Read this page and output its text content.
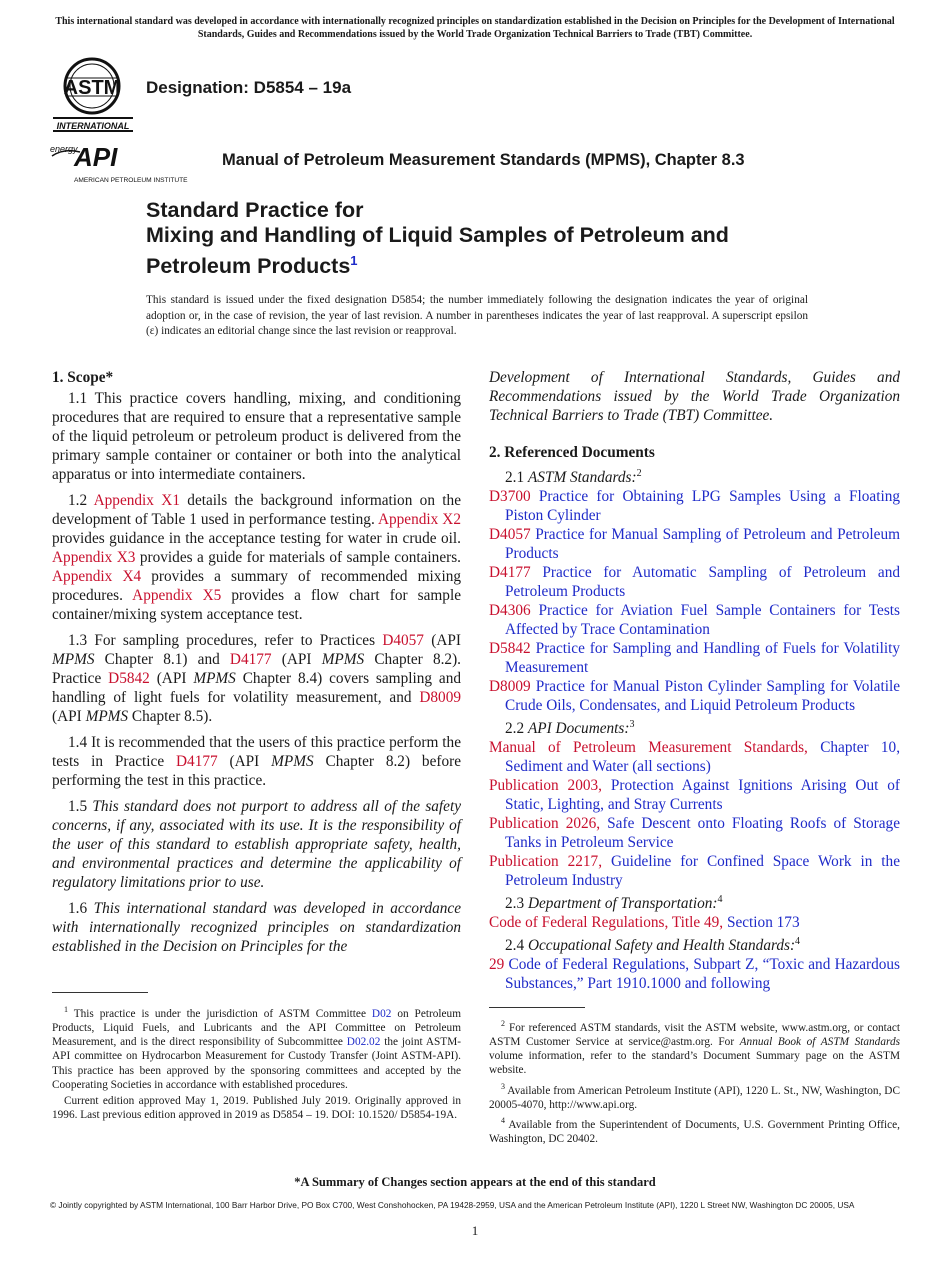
This international standard was developed in accordance with internationally recognized principles on standardization established in the Decision on Principles for the Development of International Standards, Guides and Recommendations issued by the World Trade Organization Technical Barriers to Trade (TBT) Committee.
ASTM
INTERNATIONAL
Designation: D5854 – 19a
energy
API
AMERICAN PETROLEUM INSTITUTE
Manual of Petroleum Measurement Standards (MPMS), Chapter 8.3
Standard Practice for
Mixing and Handling of Liquid Samples of Petroleum and
Petroleum Products$^1$
This standard is issued under the fixed designation D5854; the number immediately following the designation indicates the year of original adoption or, in the case of revision, the year of last revision. A number in parentheses indicates the year of last reapproval. A superscript epsilon (ε) indicates an editorial change since the last revision or reapproval.
1. Scope*

1.1 This practice covers handling, mixing, and conditioning procedures that are required to ensure that a representative sample of the liquid petroleum or petroleum product is delivered from the primary sample container or container or both into the analytical apparatus or into intermediate containers.

1.2 Appendix X1 details the background information on the development of Table 1 used in performance testing. Appendix X2 provides guidance in the acceptance testing for water in crude oil. Appendix X3 provides a guide for materials of sample containers. Appendix X4 provides a summary of recommended mixing procedures. Appendix X5 provides a flow chart for sample container/mixing system acceptance test.

1.3 For sampling procedures, refer to Practices D4057 (API MPMS Chapter 8.1) and D4177 (API MPMS Chapter 8.2). Practice D5842 (API MPMS Chapter 8.4) covers sampling and handling of light fuels for volatility measurement, and D8009 (API MPMS Chapter 8.5).

1.4 It is recommended that the users of this practice perform the tests in Practice D4177 (API MPMS Chapter 8.2) before performing the test in this practice.

1.5 This standard does not purport to address all of the safety concerns, if any, associated with its use. It is the responsibility of the user of this standard to establish appropriate safety, health, and environmental practices and determine the applicability of regulatory limitations prior to use.

1.6 This international standard was developed in accordance with internationally recognized principles on standardization established in the Decision on Principles for the

$^1$ This practice is under the jurisdiction of ASTM Committee D02 on Petroleum Products, Liquid Fuels, and Lubricants and the API Committee on Petroleum Measurement, and is the direct responsibility of Subcommittee D02.02 the joint ASTM-API committee on Hydrocarbon Measurement for Custody Transfer (Joint ASTM-API). This practice has been approved by the sponsoring committees and accepted by the Cooperating Societies in accordance with established procedures.

Current edition approved May 1, 2019. Published July 2019. Originally approved in 1996. Last previous edition approved in 2019 as D5854 – 19. DOI: 10.1520/ D5854-19A.

Development of International Standards, Guides and Recommendations issued by the World Trade Organization Technical Barriers to Trade (TBT) Committee.

2. Referenced Documents

2.1 ASTM Standards:$^2$

D3700 Practice for Obtaining LPG Samples Using a Floating Piston Cylinder

D4057 Practice for Manual Sampling of Petroleum and Petroleum Products

D4177 Practice for Automatic Sampling of Petroleum and Petroleum Products

D4306 Practice for Aviation Fuel Sample Containers for Tests Affected by Trace Contamination

D5842 Practice for Sampling and Handling of Fuels for Volatility Measurement

D8009 Practice for Manual Piston Cylinder Sampling for Volatile Crude Oils, Condensates, and Liquid Petroleum Products

2.2 API Documents:$^3$

Manual of Petroleum Measurement Standards, Chapter 10, Sediment and Water (all sections)

Publication 2003, Protection Against Ignitions Arising Out of Static, Lighting, and Stray Currents

Publication 2026, Safe Descent onto Floating Roofs of Storage Tanks in Petroleum Service

Publication 2217, Guideline for Confined Space Work in the Petroleum Industry

2.3 Department of Transportation:$^4$

Code of Federal Regulations, Title 49, Section 173

2.4 Occupational Safety and Health Standards:$^4$

29 Code of Federal Regulations, Subpart Z, “Toxic and Hazardous Substances,” Part 1910.1000 and following

$^2$ For referenced ASTM standards, visit the ASTM website, www.astm.org, or contact ASTM Customer Service at service@astm.org. For Annual Book of ASTM Standards volume information, refer to the standard’s Document Summary page on the ASTM website.

$^3$ Available from American Petroleum Institute (API), 1220 L. St., NW, Washington, DC 20005-4070, http://www.api.org.

$^4$ Available from the Superintendent of Documents, U.S. Government Printing Office, Washington, DC 20402.

*A Summary of Changes section appears at the end of this standard
© Jointly copyrighted by ASTM International, 100 Barr Harbor Drive, PO Box C700, West Conshohocken, PA 19428-2959, USA and the American Petroleum Institute (API), 1220 L Street NW, Washington DC 20005, USA
1
